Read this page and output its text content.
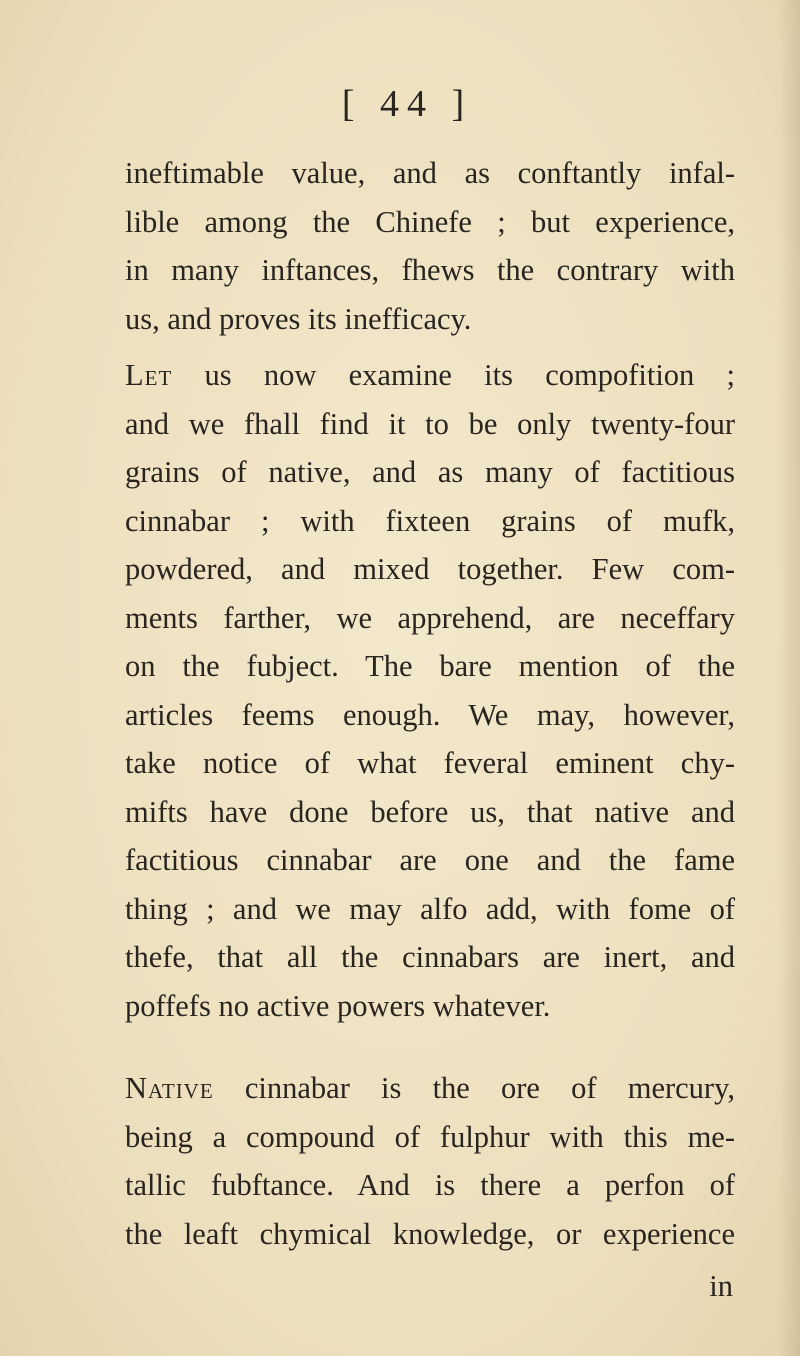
[ 44 ]
ineftimable value, and as conftantly infal-
lible among the Chinefe ; but experience,
in many inftances, fhews the contrary with
us, and proves its inefficacy.
Let us now examine its compofition ;
and we fhall find it to be only twenty-four
grains of native, and as many of factitious
cinnabar ; with fixteen grains of mufk,
powdered, and mixed together. Few com-
ments farther, we apprehend, are neceffary
on the fubject. The bare mention of the
articles feems enough. We may, however,
take notice of what feveral eminent chy-
mifts have done before us, that native and
factitious cinnabar are one and the fame
thing ; and we may alfo add, with fome of
thefe, that all the cinnabars are inert, and
poffefs no active powers whatever.
Native cinnabar is the ore of mercury,
being a compound of fulphur with this me-
tallic fubftance. And is there a perfon of
the leaft chymical knowledge, or experience
in
